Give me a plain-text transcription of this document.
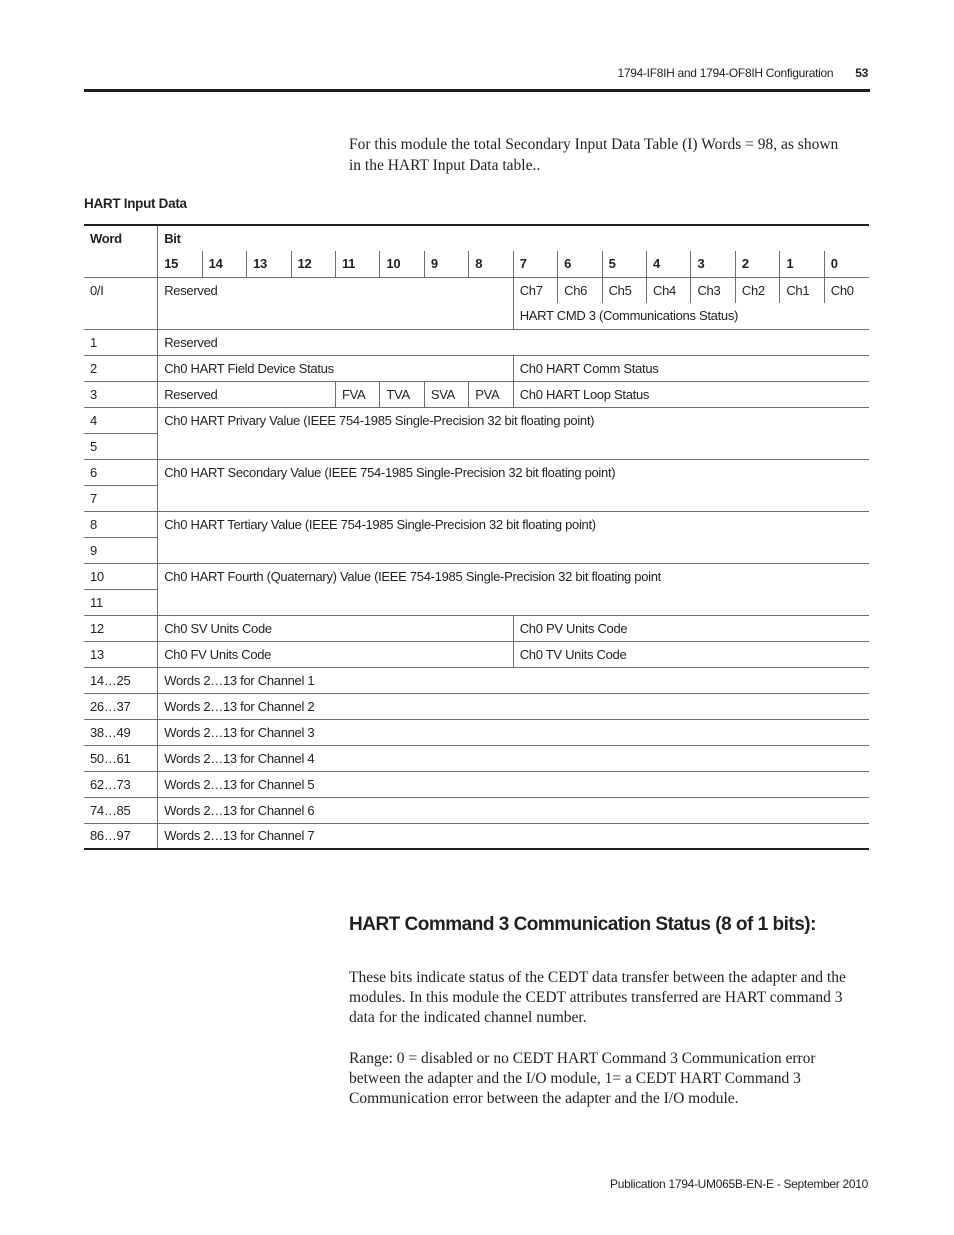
1794-IF8IH and 1794-OF8IH Configuration 53
For this module the total Secondary Input Data Table (I) Words = 98, as shown in the HART Input Data table..
HART Input Data
Word	Bit															
	15	14	13	12	11	10	9	8	7	6	5	4	3	2	1	0
0/I	Reserved								Ch7	Ch6	Ch5	Ch4	Ch3	Ch2	Ch1	Ch0
									HART CMD 3 (Communications Status)							
1	Reserved															
2	Ch0 HART Field Device Status								Ch0 HART Comm Status							
3	Reserved				FVA	TVA	SVA	PVA	Ch0 HART Loop Status							
4	Ch0 HART Privary Value (IEEE 754-1985 Single-Precision 32 bit floating point)															
5																
6	Ch0 HART Secondary Value (IEEE 754-1985 Single-Precision 32 bit floating point)															
7																
8	Ch0 HART Tertiary Value (IEEE 754-1985 Single-Precision 32 bit floating point)															
9																
10	Ch0 HART Fourth (Quaternary) Value (IEEE 754-1985 Single-Precision 32 bit floating point															
11																
12	Ch0 SV Units Code								Ch0 PV Units Code							
13	Ch0 FV Units Code								Ch0 TV Units Code							
14…25	Words 2…13 for Channel 1															
26…37	Words 2…13 for Channel 2															
38…49	Words 2…13 for Channel 3															
50…61	Words 2…13 for Channel 4															
62…73	Words 2…13 for Channel 5															
74…85	Words 2…13 for Channel 6															
86…97	Words 2…13 for Channel 7															
HART Command 3 Communication Status (8 of 1 bits):
These bits indicate status of the CEDT data transfer between the adapter and the modules. In this module the CEDT attributes transferred are HART command 3 data for the indicated channel number.
Range: 0 = disabled or no CEDT HART Command 3 Communication error between the adapter and the I/O module, 1= a CEDT HART Command 3 Communication error between the adapter and the I/O module.
Publication 1794-UM065B-EN-E - September 2010
